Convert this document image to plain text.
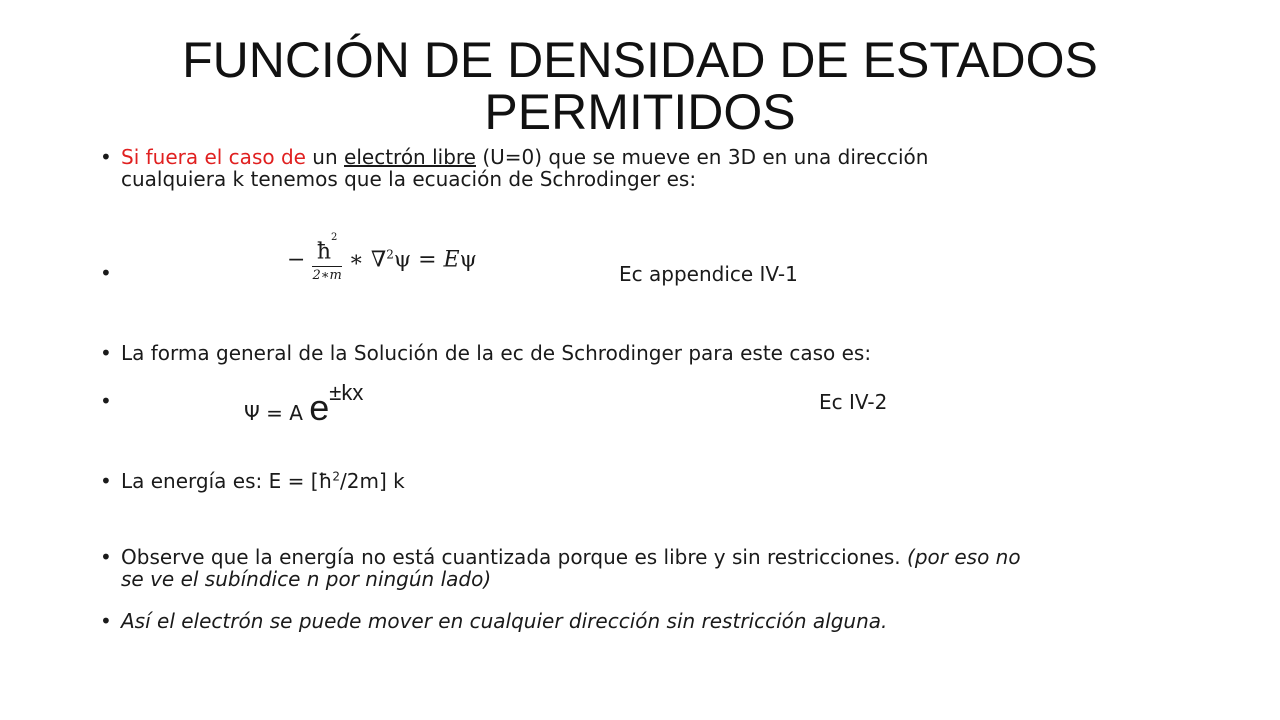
FUNCIÓN DE DENSIDAD DE ESTADOS
PERMITIDOS
• Si fuera el caso de un electrón libre (U=0) que se mueve en 3D en una dirección
cualquiera k tenemos que la ecuación de Schrodinger es:
•
− $\frac{ħ^2}{2∗m}$ ∗ ∇$^2$ψ = Eψ
Ec appendice IV-1
• La forma general de la Solución de la ec de Schrodinger para este caso es:
•	Ψ = A e±kx	Ec IV-2
• La energía es: $E = [ħ^2/2m]$ k
• Observe que la energía no está cuantizada porque es libre y sin restricciones. (por eso no
se ve el subíndice n por ningún lado)
• Así el electrón se puede mover en cualquier dirección sin restricción alguna.
